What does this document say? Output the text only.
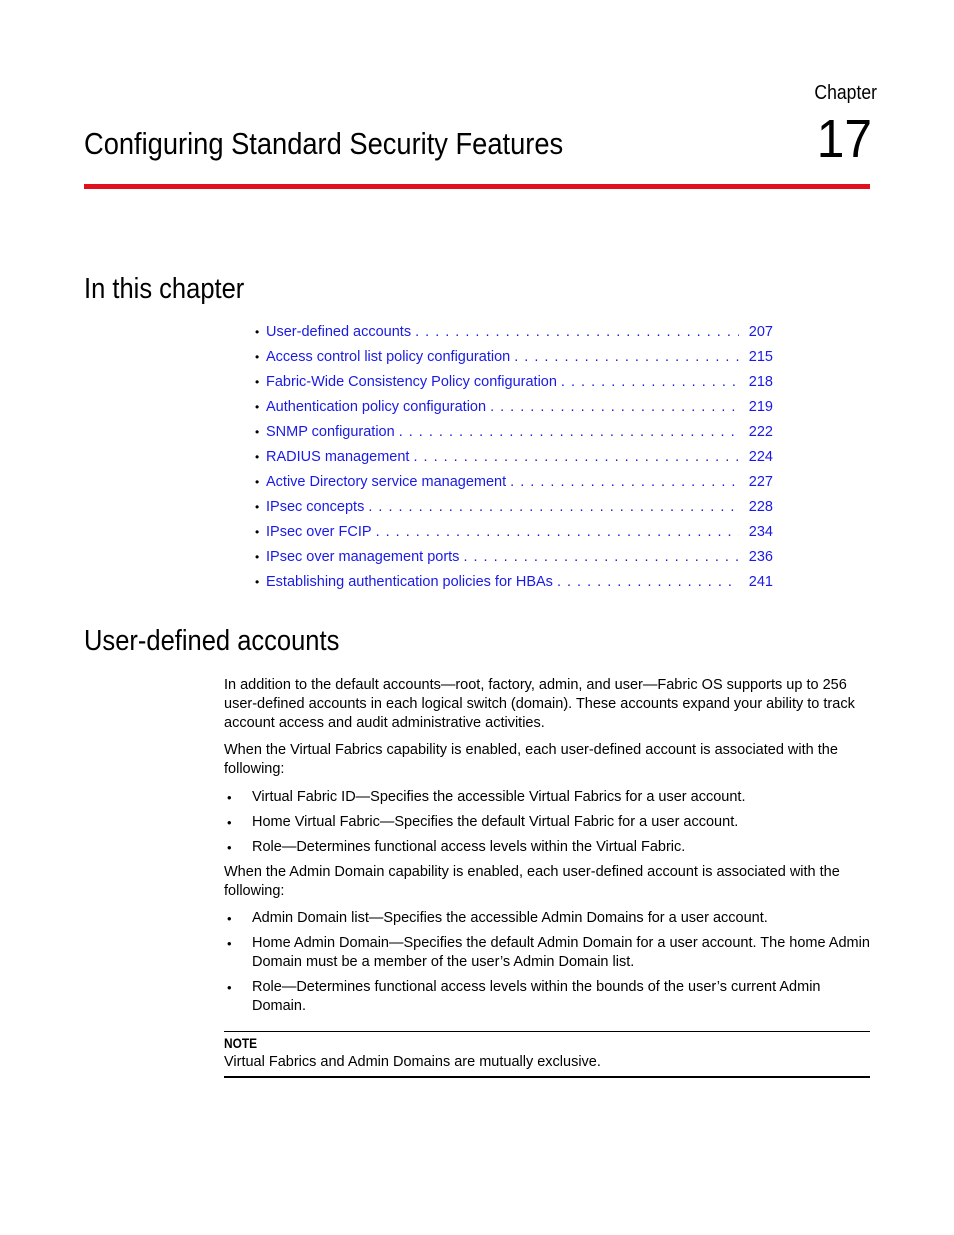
Chapter
17
Configuring Standard Security Features
In this chapter
• User-defined accounts . . .	207
• Access control list policy configuration . . .	215
• Fabric-Wide Consistency Policy configuration . . .	218
• Authentication policy configuration . . .	219
• SNMP configuration . . .	222
• RADIUS management . . .	224
• Active Directory service management . . .	227
• IPsec concepts . . .	228
• IPsec over FCIP . . .	234
• IPsec over management ports . . .	236
• Establishing authentication policies for HBAs . . .	241
User-defined accounts

In addition to the default accounts—root, factory, admin, and user—Fabric OS supports up to 256 user-defined accounts in each logical switch (domain). These accounts expand your ability to track account access and audit administrative activities.

When the Virtual Fabrics capability is enabled, each user-defined account is associated with the following:

• Virtual Fabric ID—Specifies the accessible Virtual Fabrics for a user account.
• Home Virtual Fabric—Specifies the default Virtual Fabric for a user account.
• Role—Determines functional access levels within the Virtual Fabric.

When the Admin Domain capability is enabled, each user-defined account is associated with the following:

• Admin Domain list—Specifies the accessible Admin Domains for a user account.
• Home Admin Domain—Specifies the default Admin Domain for a user account. The home Admin Domain must be a member of the user’s Admin Domain list.
• Role—Determines functional access levels within the bounds of the user’s current Admin Domain.
NOTE
Virtual Fabrics and Admin Domains are mutually exclusive.
